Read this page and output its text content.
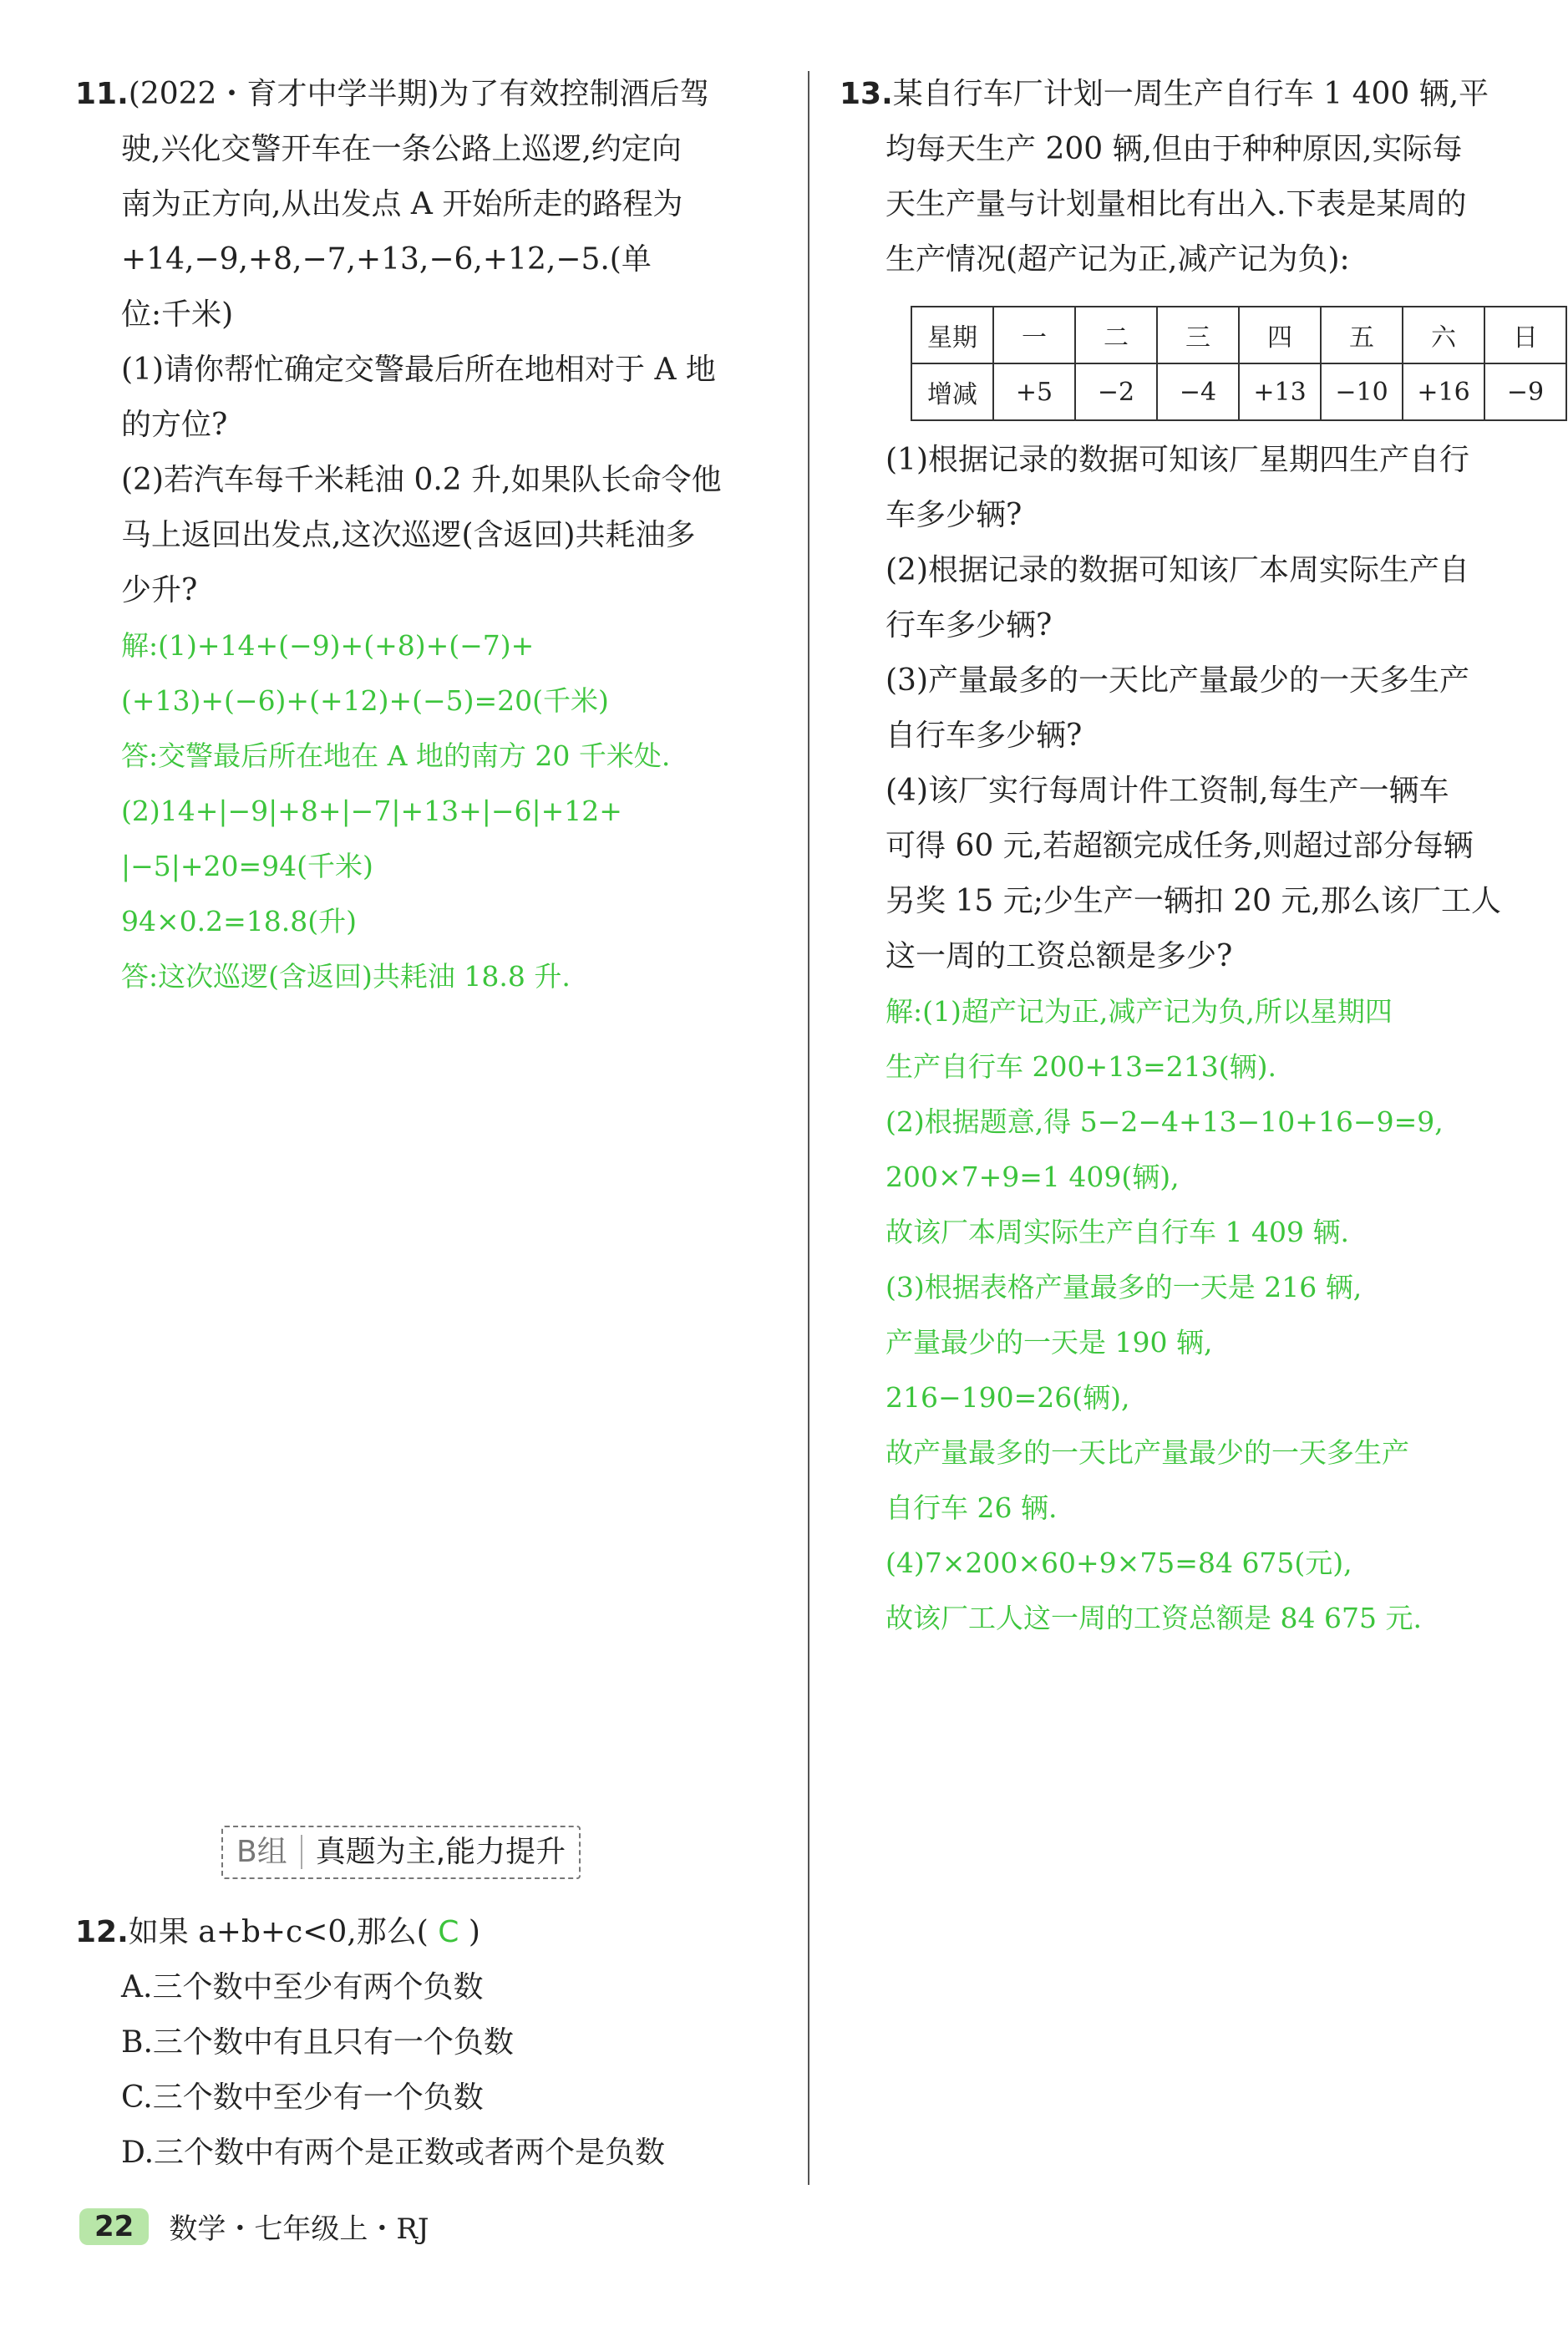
11.(2022・育才中学半期)为了有效控制酒后驾
驶,兴化交警开车在一条公路上巡逻,约定向
南为正方向,从出发点 A 开始所走的路程为
+14,−9,+8,−7,+13,−6,+12,−5.(单
位:千米)
(1)请你帮忙确定交警最后所在地相对于 A 地
的方位?
(2)若汽车每千米耗油 0.2 升,如果队长命令他
马上返回出发点,这次巡逻(含返回)共耗油多
少升?
解:(1)+14+(−9)+(+8)+(−7)+
(+13)+(−6)+(+12)+(−5)=20(千米)
答:交警最后所在地在 A 地的南方 20 千米处.
(2)14+|−9|+8+|−7|+13+|−6|+12+
|−5|+20=94(千米)
94×0.2=18.8(升)
答:这次巡逻(含返回)共耗油 18.8 升.
B组 真题为主,能力提升
12.如果 a+b+c<0,那么( C )
A.三个数中至少有两个负数
B.三个数中有且只有一个负数
C.三个数中至少有一个负数
D.三个数中有两个是正数或者两个是负数
13.某自行车厂计划一周生产自行车 1 400 辆,平
均每天生产 200 辆,但由于种种原因,实际每
天生产量与计划量相比有出入.下表是某周的
生产情况(超产记为正,减产记为负):
星期	一	二	三	四	五	六	日
增减	+5	−2	−4	+13	−10	+16	−9
(1)根据记录的数据可知该厂星期四生产自行
车多少辆?
(2)根据记录的数据可知该厂本周实际生产自
行车多少辆?
(3)产量最多的一天比产量最少的一天多生产
自行车多少辆?
(4)该厂实行每周计件工资制,每生产一辆车
可得 60 元,若超额完成任务,则超过部分每辆
另奖 15 元;少生产一辆扣 20 元,那么该厂工人
这一周的工资总额是多少?
解:(1)超产记为正,减产记为负,所以星期四
生产自行车 200+13=213(辆).
(2)根据题意,得 5−2−4+13−10+16−9=9,
200×7+9=1 409(辆),
故该厂本周实际生产自行车 1 409 辆.
(3)根据表格产量最多的一天是 216 辆,
产量最少的一天是 190 辆,
216−190=26(辆),
故产量最多的一天比产量最少的一天多生产
自行车 26 辆.
(4)7×200×60+9×75=84 675(元),
故该厂工人这一周的工资总额是 84 675 元.
22	数学・七年级上・RJ
